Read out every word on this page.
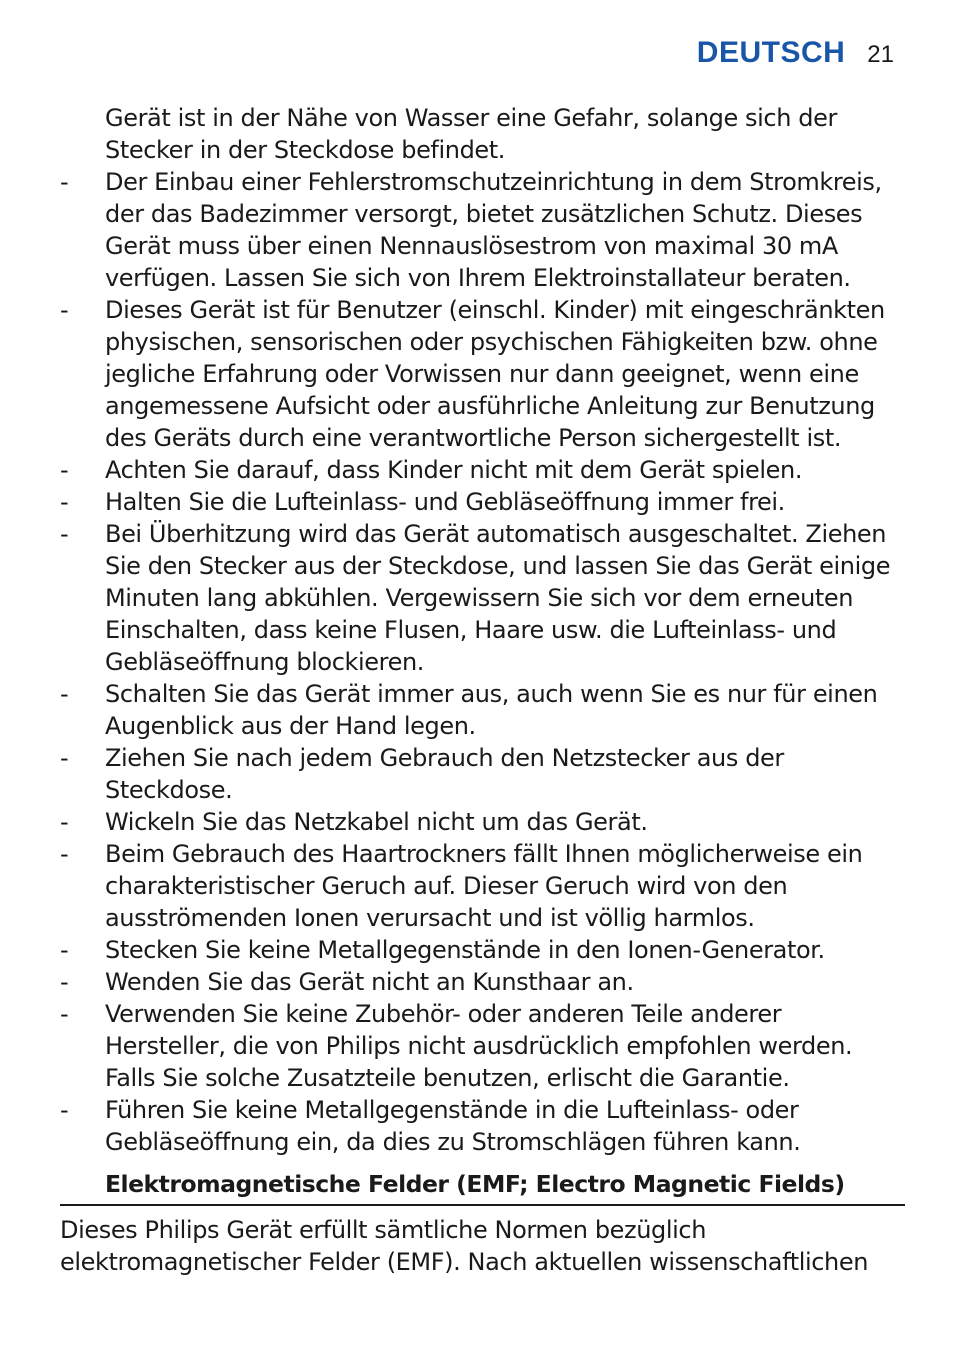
DEUTSCH 21
Gerät ist in der Nähe von Wasser eine Gefahr, solange sich der Stecker in der Steckdose befindet.
- Der Einbau einer Fehlerstromschutzeinrichtung in dem Stromkreis, der das Badezimmer versorgt, bietet zusätzlichen Schutz. Dieses Gerät muss über einen Nennauslösestrom von maximal 30 mA verfügen. Lassen Sie sich von Ihrem Elektroinstallateur beraten.
- Dieses Gerät ist für Benutzer (einschl. Kinder) mit eingeschränkten physischen, sensorischen oder psychischen Fähigkeiten bzw. ohne jegliche Erfahrung oder Vorwissen nur dann geeignet, wenn eine angemessene Aufsicht oder ausführliche Anleitung zur Benutzung des Geräts durch eine verantwortliche Person sichergestellt ist.
- Achten Sie darauf, dass Kinder nicht mit dem Gerät spielen.
- Halten Sie die Lufteinlass- und Gebläseöffnung immer frei.
- Bei Überhitzung wird das Gerät automatisch ausgeschaltet. Ziehen Sie den Stecker aus der Steckdose, und lassen Sie das Gerät einige Minuten lang abkühlen. Vergewissern Sie sich vor dem erneuten Einschalten, dass keine Flusen, Haare usw. die Lufteinlass- und Gebläseöffnung blockieren.
- Schalten Sie das Gerät immer aus, auch wenn Sie es nur für einen Augenblick aus der Hand legen.
- Ziehen Sie nach jedem Gebrauch den Netzstecker aus der Steckdose.
- Wickeln Sie das Netzkabel nicht um das Gerät.
- Beim Gebrauch des Haartrockners fällt Ihnen möglicherweise ein charakteristischer Geruch auf. Dieser Geruch wird von den ausströmenden Ionen verursacht und ist völlig harmlos.
- Stecken Sie keine Metallgegenstände in den Ionen-Generator.
- Wenden Sie das Gerät nicht an Kunsthaar an.
- Verwenden Sie keine Zubehör- oder anderen Teile anderer Hersteller, die von Philips nicht ausdrücklich empfohlen werden. Falls Sie solche Zusatzteile benutzen, erlischt die Garantie.
- Führen Sie keine Metallgegenstände in die Lufteinlass- oder Gebläseöffnung ein, da dies zu Stromschlägen führen kann.
Elektromagnetische Felder (EMF; Electro Magnetic Fields)

Dieses Philips Gerät erfüllt sämtliche Normen bezüglich elektromagnetischer Felder (EMF). Nach aktuellen wissenschaftlichen
